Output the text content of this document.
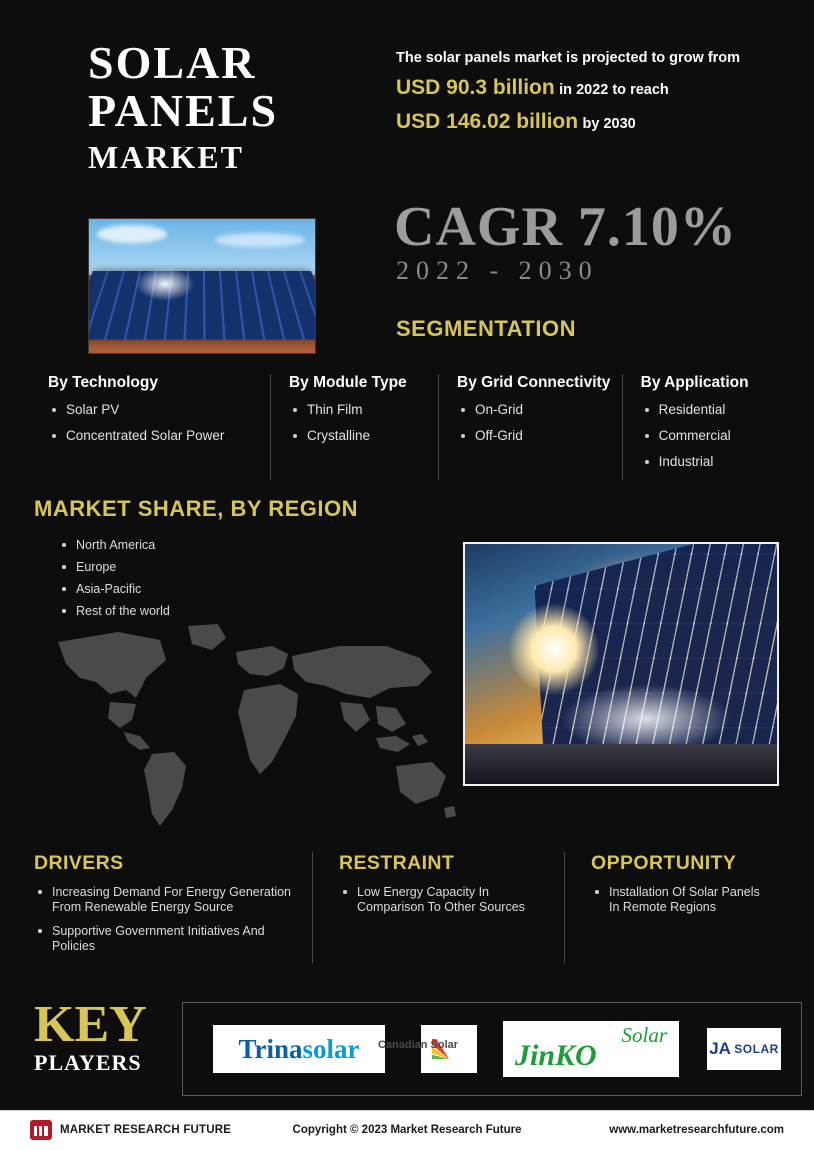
SOLAR
PANELS
MARKET
The solar panels market is projected to grow from
USD 90.3 billion in 2022 to reach
USD 146.02 billion by 2030
CAGR 7.10%
2022 - 2030
SEGMENTATION
By Technology
Solar PV
Concentrated Solar Power
By Module Type
Thin Film
Crystalline
By Grid Connectivity
On-Grid
Off-Grid
By Application
Residential
Commercial
Industrial
MARKET SHARE, BY REGION
North America
Europe
Asia-Pacific
Rest of the world
DRIVERS
Increasing Demand For Energy Generation From Renewable Energy Source
Supportive Government Initiatives And Policies
RESTRAINT
Low Energy Capacity In Comparison To Other Sources
OPPORTUNITY
Installation Of Solar Panels In Remote Regions
KEY
PLAYERS	Trina solar	Canadian Solar	Solar
JinKO	JA
SOLAR
MARKET RESEARCH FUTURE	Copyright © 2023 Market Research Future	www.marketresearchfuture.com
